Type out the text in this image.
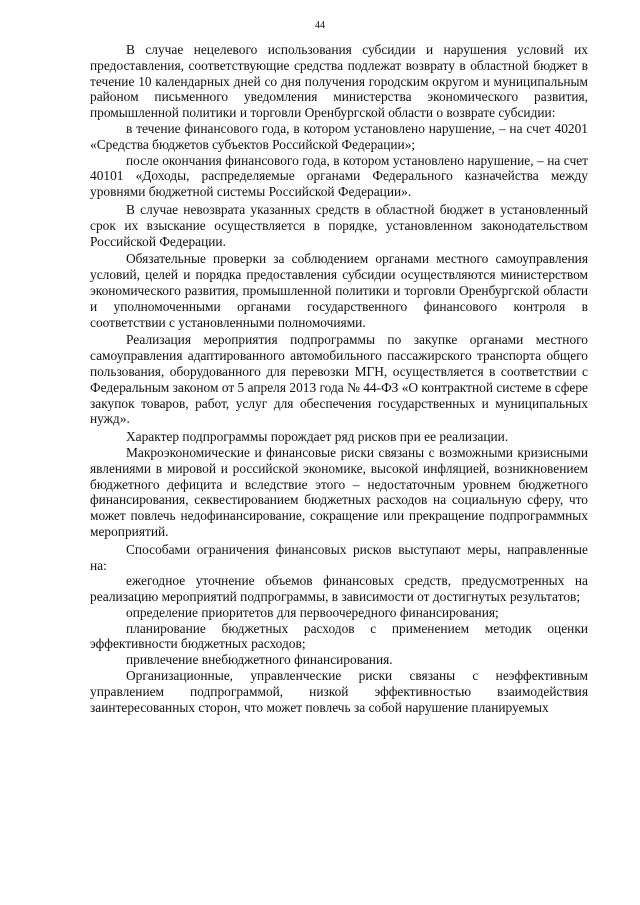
44

В случае нецелевого использования субсидии и нарушения условий их предоставления, соответствующие средства подлежат возврату в областной бюджет в течение 10 календарных дней со дня получения городским округом и муниципальным районом письменного уведомления министерства экономического развития, промышленной политики и торговли Оренбургской области о возврате субсидии:

в течение финансового года, в котором установлено нарушение, – на счет 40201 «Средства бюджетов субъектов Российской Федерации»;

после окончания финансового года, в котором установлено нарушение, – на счет 40101 «Доходы, распределяемые органами Федерального казначейства между уровнями бюджетной системы Российской Федерации».

В случае невозврата указанных средств в областной бюджет в установленный срок их взыскание осуществляется в порядке, установленном законодательством Российской Федерации.

Обязательные проверки за соблюдением органами местного самоуправления условий, целей и порядка предоставления субсидии осуществляются министерством экономического развития, промышленной политики и торговли Оренбургской области и уполномоченными органами государственного финансового контроля в соответствии с установленными полномочиями.

Реализация мероприятия подпрограммы по закупке органами местного самоуправления адаптированного автомобильного пассажирского транспорта общего пользования, оборудованного для перевозки МГН, осуществляется в соответствии с Федеральным законом от 5 апреля 2013 года № 44-ФЗ «О контрактной системе в сфере закупок товаров, работ, услуг для обеспечения государственных и муниципальных нужд».

Характер подпрограммы порождает ряд рисков при ее реализации.

Макроэкономические и финансовые риски связаны с возможными кризисными явлениями в мировой и российской экономике, высокой инфляцией, возникновением бюджетного дефицита и вследствие этого – недостаточным уровнем бюджетного финансирования, секвестированием бюджетных расходов на социальную сферу, что может повлечь недофинансирование, сокращение или прекращение подпрограммных мероприятий.

Способами ограничения финансовых рисков выступают меры, направленные на:

ежегодное уточнение объемов финансовых средств, предусмотренных на реализацию мероприятий подпрограммы, в зависимости от достигнутых результатов;

определение приоритетов для первоочередного финансирования;

планирование бюджетных расходов с применением методик оценки эффективности бюджетных расходов;

привлечение внебюджетного финансирования.

Организационные, управленческие риски связаны с неэффективным управлением подпрограммой, низкой эффективностью взаимодействия заинтересованных сторон, что может повлечь за собой нарушение планируемых
